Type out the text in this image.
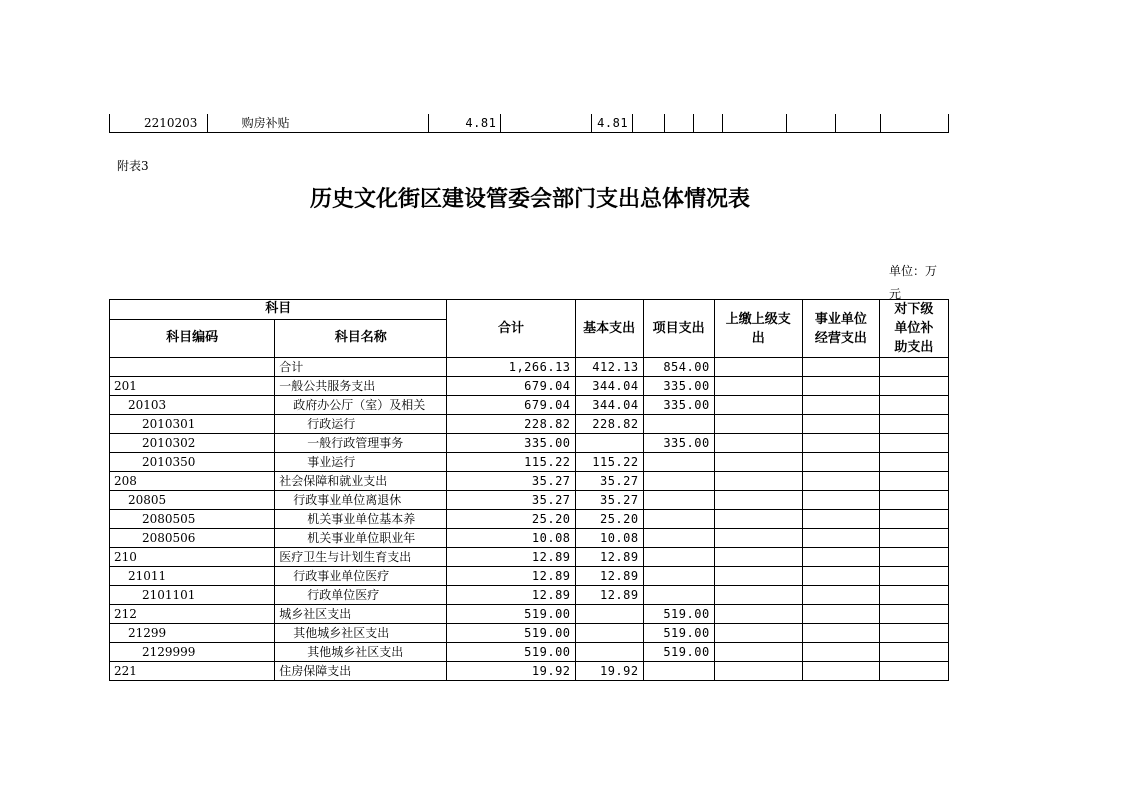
2210203	购房补贴	4.81		4.81							
附表3
历史文化街区建设管委会部门支出总体情况表
单位：万
元
科目		合计	基本支出	项目支出	上缴上级支出	事业单位经营支出	对下级单位补助支出
科目编码	科目名称						
	合计	1,266.13	412.13	854.00			
201	一般公共服务支出	679.04	344.04	335.00			
20103	政府办公厅（室）及相关	679.04	344.04	335.00			
2010301	行政运行	228.82	228.82				
2010302	一般行政管理事务	335.00		335.00			
2010350	事业运行	115.22	115.22				
208	社会保障和就业支出	35.27	35.27				
20805	行政事业单位离退休	35.27	35.27				
2080505	机关事业单位基本养	25.20	25.20				
2080506	机关事业单位职业年	10.08	10.08				
210	医疗卫生与计划生育支出	12.89	12.89				
21011	行政事业单位医疗	12.89	12.89				
2101101	行政单位医疗	12.89	12.89				
212	城乡社区支出	519.00		519.00			
21299	其他城乡社区支出	519.00		519.00			
2129999	其他城乡社区支出	519.00		519.00			
221	住房保障支出	19.92	19.92				
